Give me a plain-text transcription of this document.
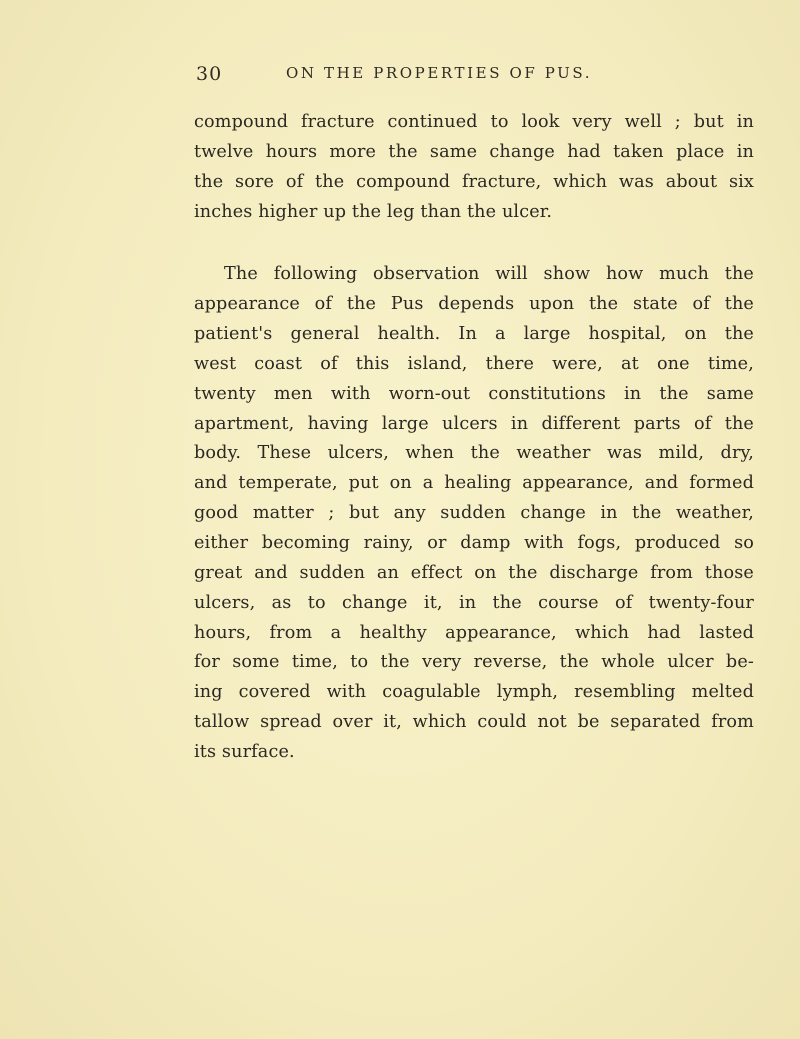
30	ON THE PROPERTIES OF PUS.

compound fracture continued to look very well ; but in
twelve hours more the same change had taken place in
the sore of the compound fracture, which was about six
inches higher up the leg than the ulcer.

The following observation will show how much the
appearance of the Pus depends upon the state of the
patient's general health. In a large hospital, on the
west coast of this island, there were, at one time,
twenty men with worn-out constitutions in the same
apartment, having large ulcers in different parts of the
body. These ulcers, when the weather was mild, dry,
and temperate, put on a healing appearance, and formed
good matter ; but any sudden change in the weather,
either becoming rainy, or damp with fogs, produced so
great and sudden an effect on the discharge from those
ulcers, as to change it, in the course of twenty-four
hours, from a healthy appearance, which had lasted
for some time, to the very reverse, the whole ulcer be-
ing covered with coagulable lymph, resembling melted
tallow spread over it, which could not be separated from
its surface.
